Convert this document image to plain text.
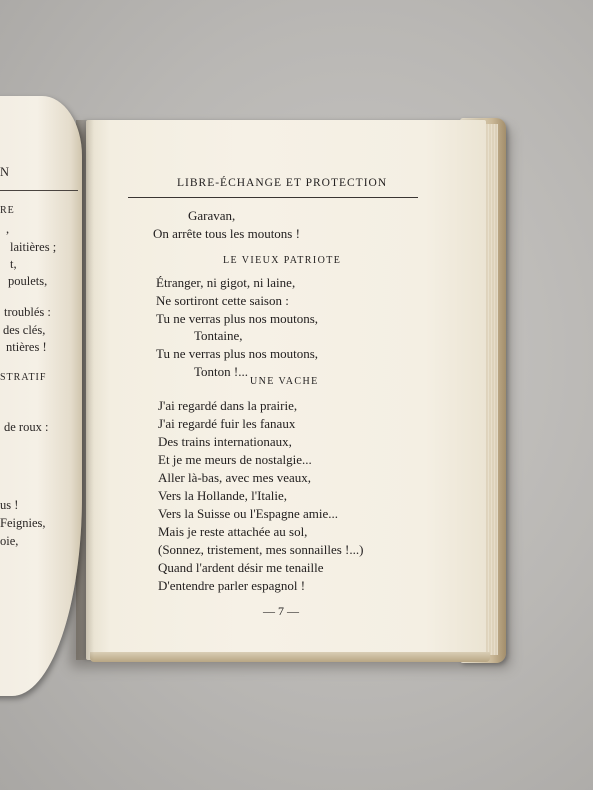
LIBRE-ÉCHANGE ET PROTECTION
Garavan,
On arrête tous les moutons !
LE VIEUX PATRIOTE
Étranger, ni gigot, ni laine,
Ne sortiront cette saison :
Tu ne verras plus nos moutons,
Tontaine,
Tu ne verras plus nos moutons,
Tonton !...
UNE VACHE
J'ai regardé dans la prairie,
J'ai regardé fuir les fanaux
Des trains internationaux,
Et je me meurs de nostalgie...
Aller là-bas, avec mes veaux,
Vers la Hollande, l'Italie,
Vers la Suisse ou l'Espagne amie...
Mais je reste attachée au sol,
(Sonnez, tristement, mes sonnailles !...)
Quand l'ardent désir me tenaille
D'entendre parler espagnol !
— 7 —
N
RE
,
laitières ;
t,
poulets,
troublés :
des clés,
ntières !
STRATIF
de roux :
us !
Feignies,
oie,
